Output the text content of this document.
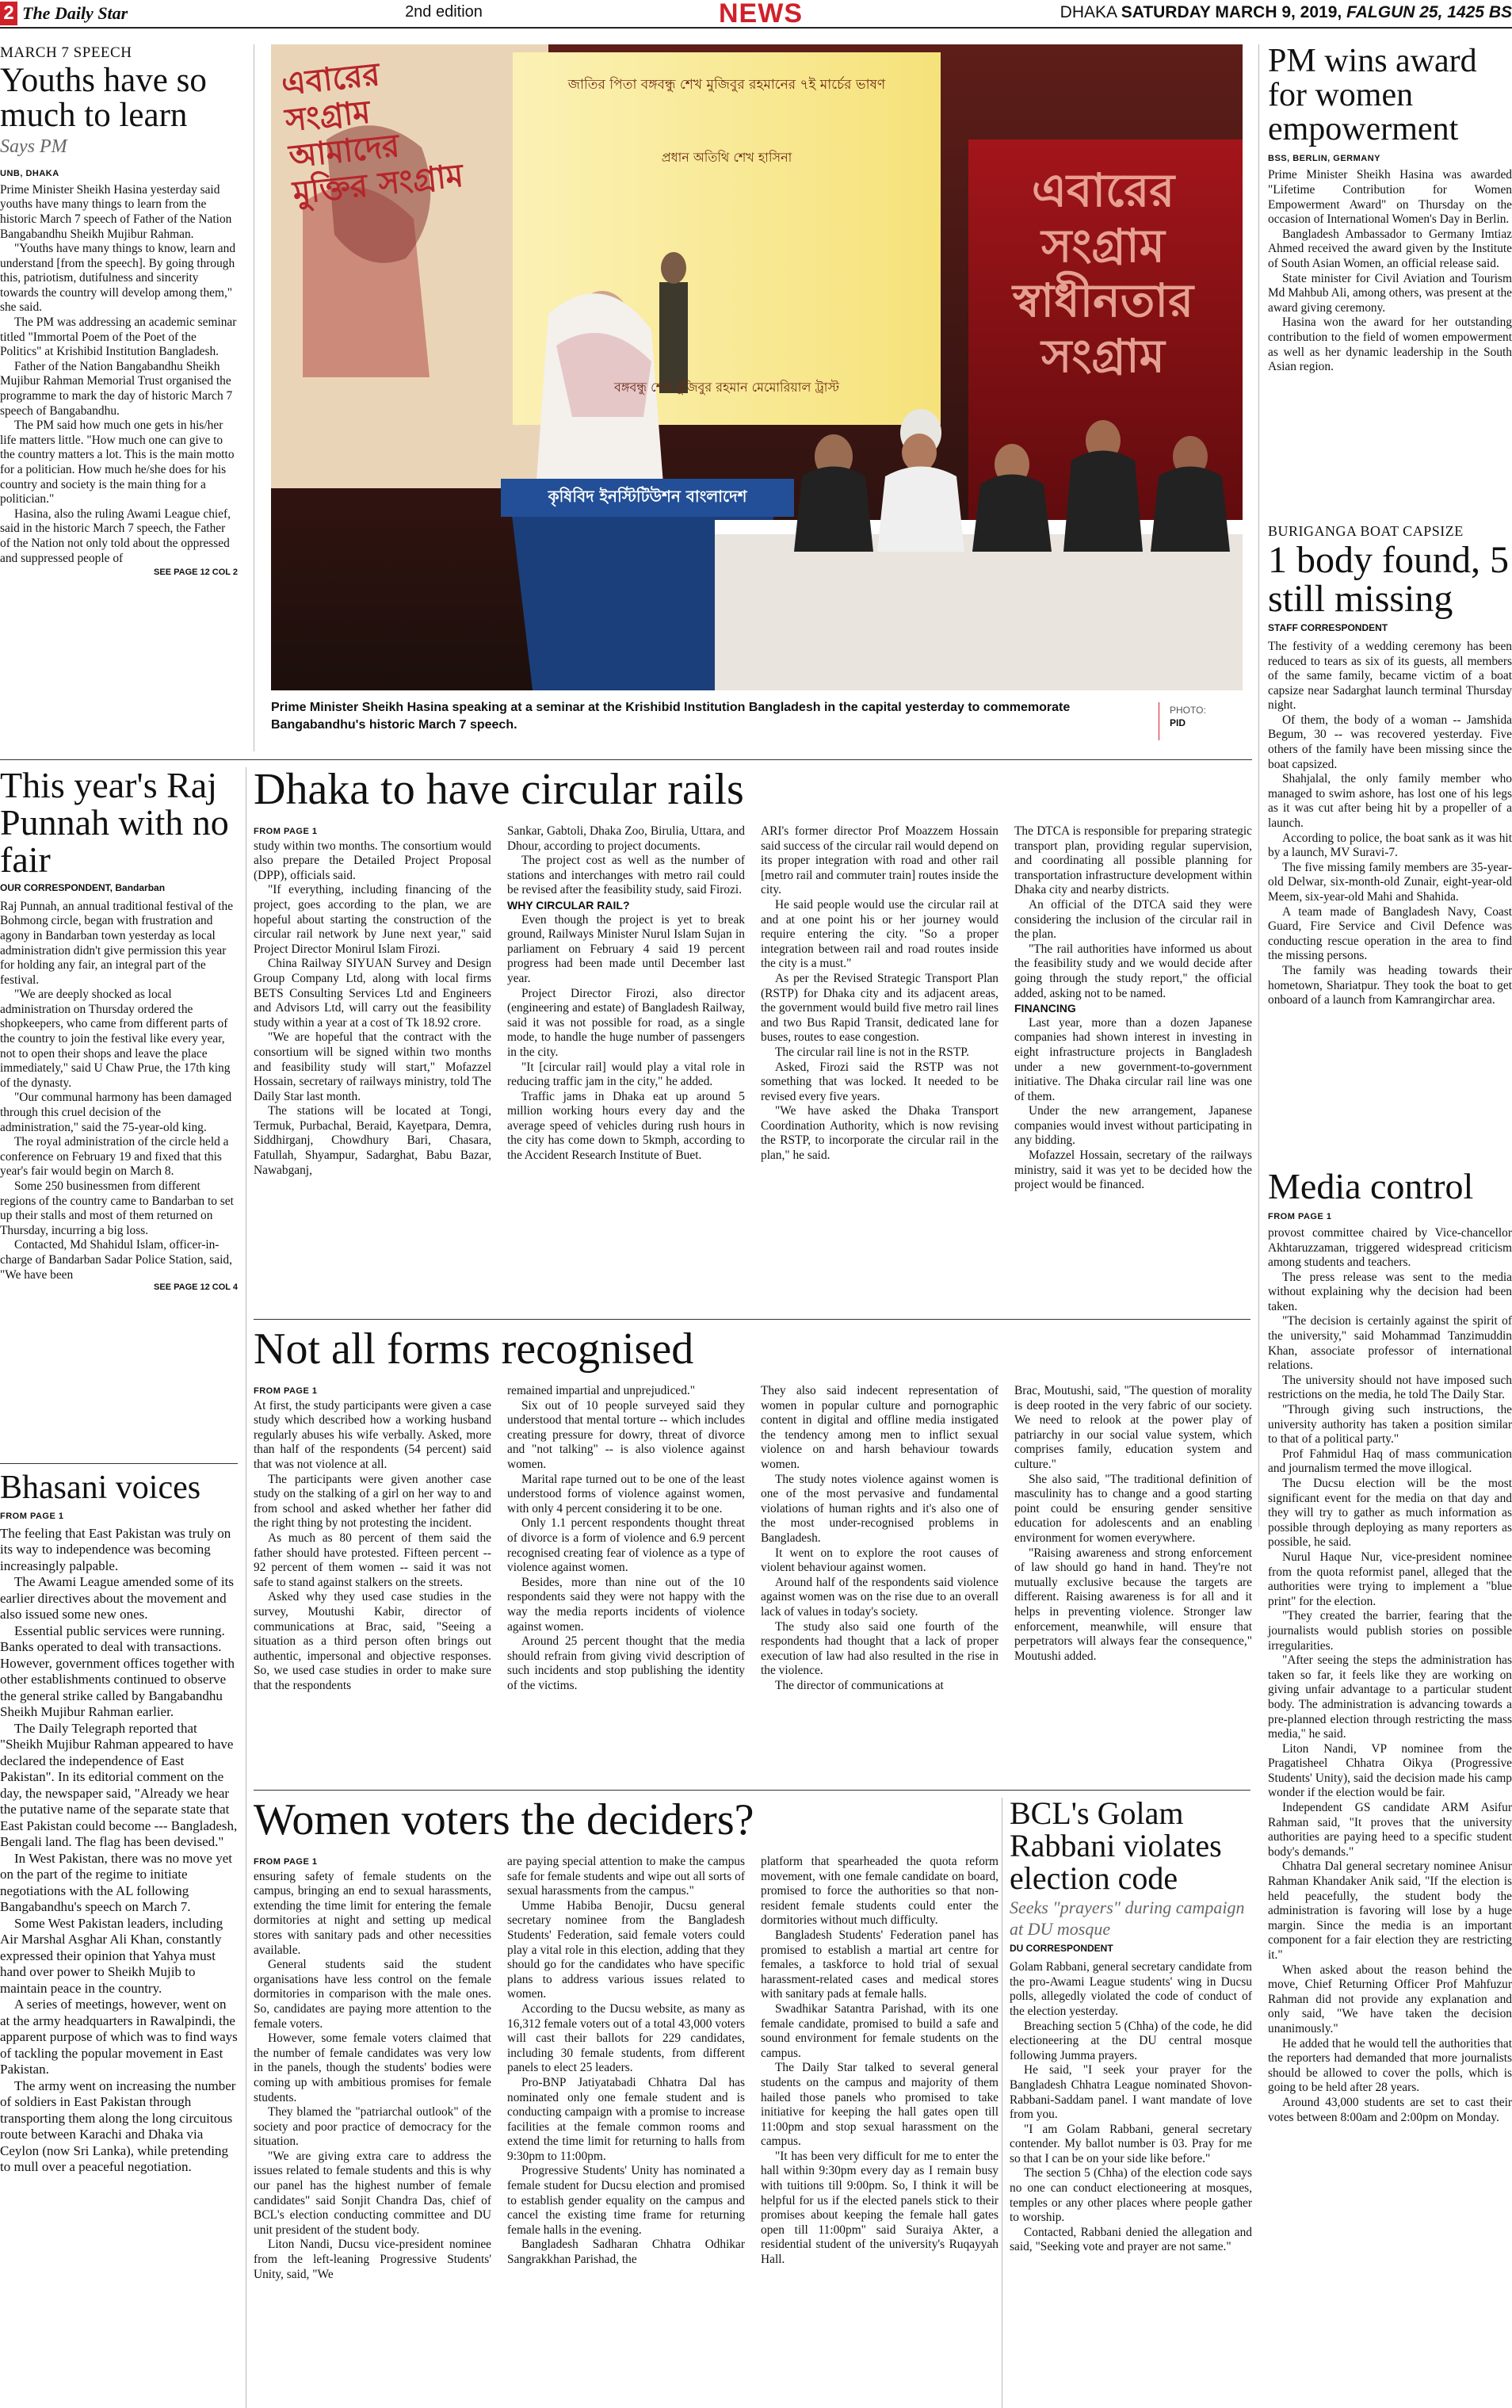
2 The Daily Star	2nd edition	NEWS	DHAKA SATURDAY MARCH 9, 2019, FALGUN 25, 1425 BS
MARCH 7 SPEECH
Youths have so much to learn
Says PM
UNB, DHAKA

Prime Minister Sheikh Hasina yesterday said youths have many things to learn from the historic March 7 speech of Father of the Nation Bangabandhu Sheikh Mujibur Rahman.

"Youths have many things to know, learn and understand [from the speech]. By going through this, patriotism, dutifulness and sincerity towards the country will develop among them," she said.

The PM was addressing an academic seminar titled "Immortal Poem of the Poet of the Politics" at Krishibid Institution Bangladesh.

Father of the Nation Bangabandhu Sheikh Mujibur Rahman Memorial Trust organised the programme to mark the day of historic March 7 speech of Bangabandhu.

The PM said how much one gets in his/her life matters little. "How much one can give to the country matters a lot. This is the main motto for a politician. How much he/she does for his country and society is the main thing for a politician."

Hasina, also the ruling Awami League chief, said in the historic March 7 speech, the Father of the Nation not only told about the oppressed and suppressed people of

SEE PAGE 12 COL 2
এবারের সংগ্রাম আমাদের মুক্তির সংগ্রাম	এবারের সংগ্রাম স্বাধীনতার সংগ্রাম
জাতির পিতা বঙ্গবন্ধু শেখ মুজিবুর রহমানের ৭ই মার্চের ভাষণ
প্রধান অতিথি শেখ হাসিনা
বঙ্গবন্ধু শেখ মুজিবুর রহমান মেমোরিয়াল ট্রাস্ট
কৃষিবিদ ইনস্টিটিউশন বাংলাদেশ
Prime Minister Sheikh Hasina speaking at a seminar at the Krishibid Institution Bangladesh in the capital yesterday to commemorate Bangabandhu's historic March 7 speech.
PHOTO:
PID
PM wins award for women empowerment
BSS, BERLIN, GERMANY

Prime Minister Sheikh Hasina was awarded "Lifetime Contribution for Women Empowerment Award" on Thursday on the occasion of International Women's Day in Berlin.

Bangladesh Ambassador to Germany Imtiaz Ahmed received the award given by the Institute of South Asian Women, an official release said.

State minister for Civil Aviation and Tourism Md Mahbub Ali, among others, was present at the award giving ceremony.

Hasina won the award for her outstanding contribution to the field of women empowerment as well as her dynamic leadership in the South Asian region.

BURIGANGA BOAT CAPSIZE
1 body found, 5 still missing
STAFF CORRESPONDENT

The festivity of a wedding ceremony has been reduced to tears as six of its guests, all members of the same family, became victim of a boat capsize near Sadarghat launch terminal Thursday night.

Of them, the body of a woman -- Jamshida Begum, 30 -- was recovered yesterday. Five others of the family have been missing since the boat capsized.

Shahjalal, the only family member who managed to swim ashore, has lost one of his legs as it was cut after being hit by a propeller of a launch.

According to police, the boat sank as it was hit by a launch, MV Suravi-7.

The five missing family members are 35-year-old Delwar, six-month-old Zunair, eight-year-old Meem, six-year-old Mahi and Shahida.

A team made of Bangladesh Navy, Coast Guard, Fire Service and Civil Defence was conducting rescue operation in the area to find the missing persons.

The family was heading towards their hometown, Shariatpur. They took the boat to get onboard of a launch from Kamrangirchar area.

Media control
FROM PAGE 1

provost committee chaired by Vice-chancellor Akhtaruzzaman, triggered widespread criticism among students and teachers.

The press release was sent to the media without explaining why the decision had been taken.

"The decision is certainly against the spirit of the university," said Mohammad Tanzimuddin Khan, associate professor of international relations.

The university should not have imposed such restrictions on the media, he told The Daily Star.

"Through giving such instructions, the university authority has taken a position similar to that of a political party."

Prof Fahmidul Haq of mass communication and journalism termed the move illogical.

The Ducsu election will be the most significant event for the media on that day and they will try to gather as much information as possible through deploying as many reporters as possible, he said.

Nurul Haque Nur, vice-president nominee from the quota reformist panel, alleged that the authorities were trying to implement a "blue print" for the election.

"They created the barrier, fearing that the journalists would publish stories on possible irregularities.

"After seeing the steps the administration has taken so far, it feels like they are working on giving unfair advantage to a particular student body. The administration is advancing towards a pre-planned election through restricting the mass media," he said.

Liton Nandi, VP nominee from the Pragatisheel Chhatra Oikya (Progressive Students' Unity), said the decision made his camp wonder if the election would be fair.

Independent GS candidate ARM Asifur Rahman said, "It proves that the university authorities are paying heed to a specific student body's demands."

Chhatra Dal general secretary nominee Anisur Rahman Khandaker Anik said, "If the election is held peacefully, the student body the administration is favoring will lose by a huge margin. Since the media is an important component for a fair election they are restricting it."

When asked about the reason behind the move, Chief Returning Officer Prof Mahfuzur Rahman did not provide any explanation and only said, "We have taken the decision unanimously."

He added that he would tell the authorities that the reporters had demanded that more journalists should be allowed to cover the polls, which is going to be held after 28 years.

Around 43,000 students are set to cast their votes between 8:00am and 2:00pm on Monday.

This year's Raj Punnah with no fair
OUR CORRESPONDENT, Bandarban

Raj Punnah, an annual traditional festival of the Bohmong circle, began with frustration and agony in Bandarban town yesterday as local administration didn't give permission this year for holding any fair, an integral part of the festival.

"We are deeply shocked as local administration on Thursday ordered the shopkeepers, who came from different parts of the country to join the festival like every year, not to open their shops and leave the place immediately," said U Chaw Prue, the 17th king of the dynasty.

"Our communal harmony has been damaged through this cruel decision of the administration," said the 75-year-old king.

The royal administration of the circle held a conference on February 19 and fixed that this year's fair would begin on March 8.

Some 250 businessmen from different regions of the country came to Bandarban to set up their stalls and most of them returned on Thursday, incurring a big loss.

Contacted, Md Shahidul Islam, officer-in-charge of Bandarban Sadar Police Station, said, "We have been

SEE PAGE 12 COL 4
Bhasani voices
FROM PAGE 1

The feeling that East Pakistan was truly on its way to independence was becoming increasingly palpable.

The Awami League amended some of its earlier directives about the movement and also issued some new ones.

Essential public services were running. Banks operated to deal with transactions. However, government offices together with other establishments continued to observe the general strike called by Bangabandhu Sheikh Mujibur Rahman earlier.

The Daily Telegraph reported that "Sheikh Mujibur Rahman appeared to have declared the independence of East Pakistan". In its editorial comment on the day, the newspaper said, "Already we hear the putative name of the separate state that East Pakistan could become --- Bangladesh, Bengali land. The flag has been devised."

In West Pakistan, there was no move yet on the part of the regime to initiate negotiations with the AL following Bangabandhu's speech on March 7.

Some West Pakistan leaders, including Air Marshal Asghar Ali Khan, constantly expressed their opinion that Yahya must hand over power to Sheikh Mujib to maintain peace in the country.

A series of meetings, however, went on at the army headquarters in Rawalpindi, the apparent purpose of which was to find ways of tackling the popular movement in East Pakistan.

The army went on increasing the number of soldiers in East Pakistan through transporting them along the long circuitous route between Karachi and Dhaka via Ceylon (now Sri Lanka), while pretending to mull over a peaceful negotiation.

Dhaka to have circular rails
FROM PAGE 1

study within two months. The consortium would also prepare the Detailed Project Proposal (DPP), officials said.

"If everything, including financing of the project, goes according to the plan, we are hopeful about starting the construction of the circular rail network by June next year," said Project Director Monirul Islam Firozi.

China Railway SIYUAN Survey and Design Group Company Ltd, along with local firms BETS Consulting Services Ltd and Engineers and Advisors Ltd, will carry out the feasibility study within a year at a cost of Tk 18.92 crore.

"We are hopeful that the contract with the consortium will be signed within two months and feasibility study will start," Mofazzel Hossain, secretary of railways ministry, told The Daily Star last month.

The stations will be located at Tongi, Termuk, Purbachal, Beraid, Kayetpara, Demra, Siddhirganj, Chowdhury Bari, Chasara, Fatullah, Shyampur, Sadarghat, Babu Bazar, Nawabganj,

Sankar, Gabtoli, Dhaka Zoo, Birulia, Uttara, and Dhour, according to project documents.

The project cost as well as the number of stations and interchanges with metro rail could be revised after the feasibility study, said Firozi.

WHY CIRCULAR RAIL?

Even though the project is yet to break ground, Railways Minister Nurul Islam Sujan in parliament on February 4 said 19 percent progress had been made until December last year.

Project Director Firozi, also director (engineering and estate) of Bangladesh Railway, said it was not possible for road, as a single mode, to handle the huge number of passengers in the city.

"It [circular rail] would play a vital role in reducing traffic jam in the city," he added.

Traffic jams in Dhaka eat up around 5 million working hours every day and the average speed of vehicles during rush hours in the city has come down to 5kmph, according to the Accident Research Institute of Buet.

ARI's former director Prof Moazzem Hossain said success of the circular rail would depend on its proper integration with road and other rail [metro rail and commuter train] routes inside the city.

He said people would use the circular rail at and at one point his or her journey would require entering the city. "So a proper integration between rail and road routes inside the city is a must."

As per the Revised Strategic Transport Plan (RSTP) for Dhaka city and its adjacent areas, the government would build five metro rail lines and two Bus Rapid Transit, dedicated lane for buses, routes to ease congestion.

The circular rail line is not in the RSTP.

Asked, Firozi said the RSTP was not something that was locked. It needed to be revised every five years.

"We have asked the Dhaka Transport Coordination Authority, which is now revising the RSTP, to incorporate the circular rail in the plan," he said.

The DTCA is responsible for preparing strategic transport plan, providing regular supervision, and coordinating all possible planning for transportation infrastructure development within Dhaka city and nearby districts.

An official of the DTCA said they were considering the inclusion of the circular rail in the plan.

"The rail authorities have informed us about the feasibility study and we would decide after going through the study report," the official added, asking not to be named.

FINANCING

Last year, more than a dozen Japanese companies had shown interest in investing in eight infrastructure projects in Bangladesh under a new government-to-government initiative. The Dhaka circular rail line was one of them.

Under the new arrangement, Japanese companies would invest without participating in any bidding.

Mofazzel Hossain, secretary of the railways ministry, said it was yet to be decided how the project would be financed.

Not all forms recognised
FROM PAGE 1

At first, the study participants were given a case study which described how a working husband regularly abuses his wife verbally. Asked, more than half of the respondents (54 percent) said that was not violence at all.

The participants were given another case study on the stalking of a girl on her way to and from school and asked whether her father did the right thing by not protesting the incident.

As much as 80 percent of them said the father should have protested. Fifteen percent -- 92 percent of them women -- said it was not safe to stand against stalkers on the streets.

Asked why they used case studies in the survey, Moutushi Kabir, director of communications at Brac, said, "Seeing a situation as a third person often brings out authentic, impersonal and objective responses. So, we used case studies in order to make sure that the respondents

remained impartial and unprejudiced."

Six out of 10 people surveyed said they understood that mental torture -- which includes creating pressure for dowry, threat of divorce and "not talking" -- is also violence against women.

Marital rape turned out to be one of the least understood forms of violence against women, with only 4 percent considering it to be one.

Only 1.1 percent respondents thought threat of divorce is a form of violence and 6.9 percent recognised creating fear of violence as a type of violence against women.

Besides, more than nine out of the 10 respondents said they were not happy with the way the media reports incidents of violence against women.

Around 25 percent thought that the media should refrain from giving vivid description of such incidents and stop publishing the identity of the victims.

They also said indecent representation of women in popular culture and pornographic content in digital and offline media instigated the tendency among men to inflict sexual violence on and harsh behaviour towards women.

The study notes violence against women is one of the most pervasive and fundamental violations of human rights and it's also one of the most under-recognised problems in Bangladesh.

It went on to explore the root causes of violent behaviour against women.

Around half of the respondents said violence against women was on the rise due to an overall lack of values in today's society.

The study also said one fourth of the respondents had thought that a lack of proper execution of law had also resulted in the rise in the violence.

The director of communications at

Brac, Moutushi, said, "The question of morality is deep rooted in the very fabric of our society. We need to relook at the power play of patriarchy in our social value system, which comprises family, education system and culture."

She also said, "The traditional definition of masculinity has to change and a good starting point could be ensuring gender sensitive education for adolescents and an enabling environment for women everywhere.

"Raising awareness and strong enforcement of law should go hand in hand. They're not mutually exclusive because the targets are different. Raising awareness is for all and it helps in preventing violence. Stronger law enforcement, meanwhile, will ensure that perpetrators will always fear the consequence," Moutushi added.

Women voters the deciders?
FROM PAGE 1

ensuring safety of female students on the campus, bringing an end to sexual harassments, extending the time limit for entering the female dormitories at night and setting up medical stores with sanitary pads and other necessities available.

General students said the student organisations have less control on the female dormitories in comparison with the male ones. So, candidates are paying more attention to the female voters.

However, some female voters claimed that the number of female candidates was very low in the panels, though the students' bodies were coming up with ambitious promises for female students.

They blamed the "patriarchal outlook" of the society and poor practice of democracy for the situation.

"We are giving extra care to address the issues related to female students and this is why our panel has the highest number of female candidates" said Sonjit Chandra Das, chief of BCL's election conducting committee and DU unit president of the student body.

Liton Nandi, Ducsu vice-president nominee from the left-leaning Progressive Students' Unity, said, "We

are paying special attention to make the campus safe for female students and wipe out all sorts of sexual harassments from the campus."

Umme Habiba Benojir, Ducsu general secretary nominee from the Bangladesh Students' Federation, said female voters could play a vital role in this election, adding that they should go for the candidates who have specific plans to address various issues related to women.

According to the Ducsu website, as many as 16,312 female voters out of a total 43,000 voters will cast their ballots for 229 candidates, including 30 female students, from different panels to elect 25 leaders.

Pro-BNP Jatiyatabadi Chhatra Dal has nominated only one female student and is conducting campaign with a promise to increase facilities at the female common rooms and extend the time limit for returning to halls from 9:30pm to 11:00pm.

Progressive Students' Unity has nominated a female student for Ducsu election and promised to establish gender equality on the campus and cancel the existing time frame for returning female halls in the evening.

Bangladesh Sadharan Chhatra Odhikar Sangrakkhan Parishad, the

platform that spearheaded the quota reform movement, with one female candidate on board, promised to force the authorities so that non-resident female students could enter the dormitories without much difficulty.

Bangladesh Students' Federation panel has promised to establish a martial art centre for females, a taskforce to hold trial of sexual harassment-related cases and medical stores with sanitary pads at female halls.

Swadhikar Satantra Parishad, with its one female candidate, promised to build a safe and sound environment for female students on the campus.

The Daily Star talked to several general students on the campus and majority of them hailed those panels who promised to take initiative for keeping the hall gates open till 11:00pm and stop sexual harassment on the campus.

"It has been very difficult for me to enter the hall within 9:30pm every day as I remain busy with tuitions till 9:00pm. So, I think it will be helpful for us if the elected panels stick to their promises about keeping the female hall gates open till 11:00pm" said Suraiya Akter, a residential student of the university's Ruqayyah Hall.

BCL's Golam Rabbani violates election code
Seeks "prayers" during campaign at DU mosque
DU CORRESPONDENT

Golam Rabbani, general secretary candidate from the pro-Awami League students' wing in Ducsu polls, allegedly violated the code of conduct of the election yesterday.

Breaching section 5 (Chha) of the code, he did electioneering at the DU central mosque following Jumma prayers.

He said, "I seek your prayer for the Bangladesh Chhatra League nominated Shovon-Rabbani-Saddam panel. I want mandate of love from you.

"I am Golam Rabbani, general secretary contender. My ballot number is 03. Pray for me so that I can be on your side like before."

The section 5 (Chha) of the election code says no one can conduct electioneering at mosques, temples or any other places where people gather to worship.

Contacted, Rabbani denied the allegation and said, "Seeking vote and prayer are not same."
